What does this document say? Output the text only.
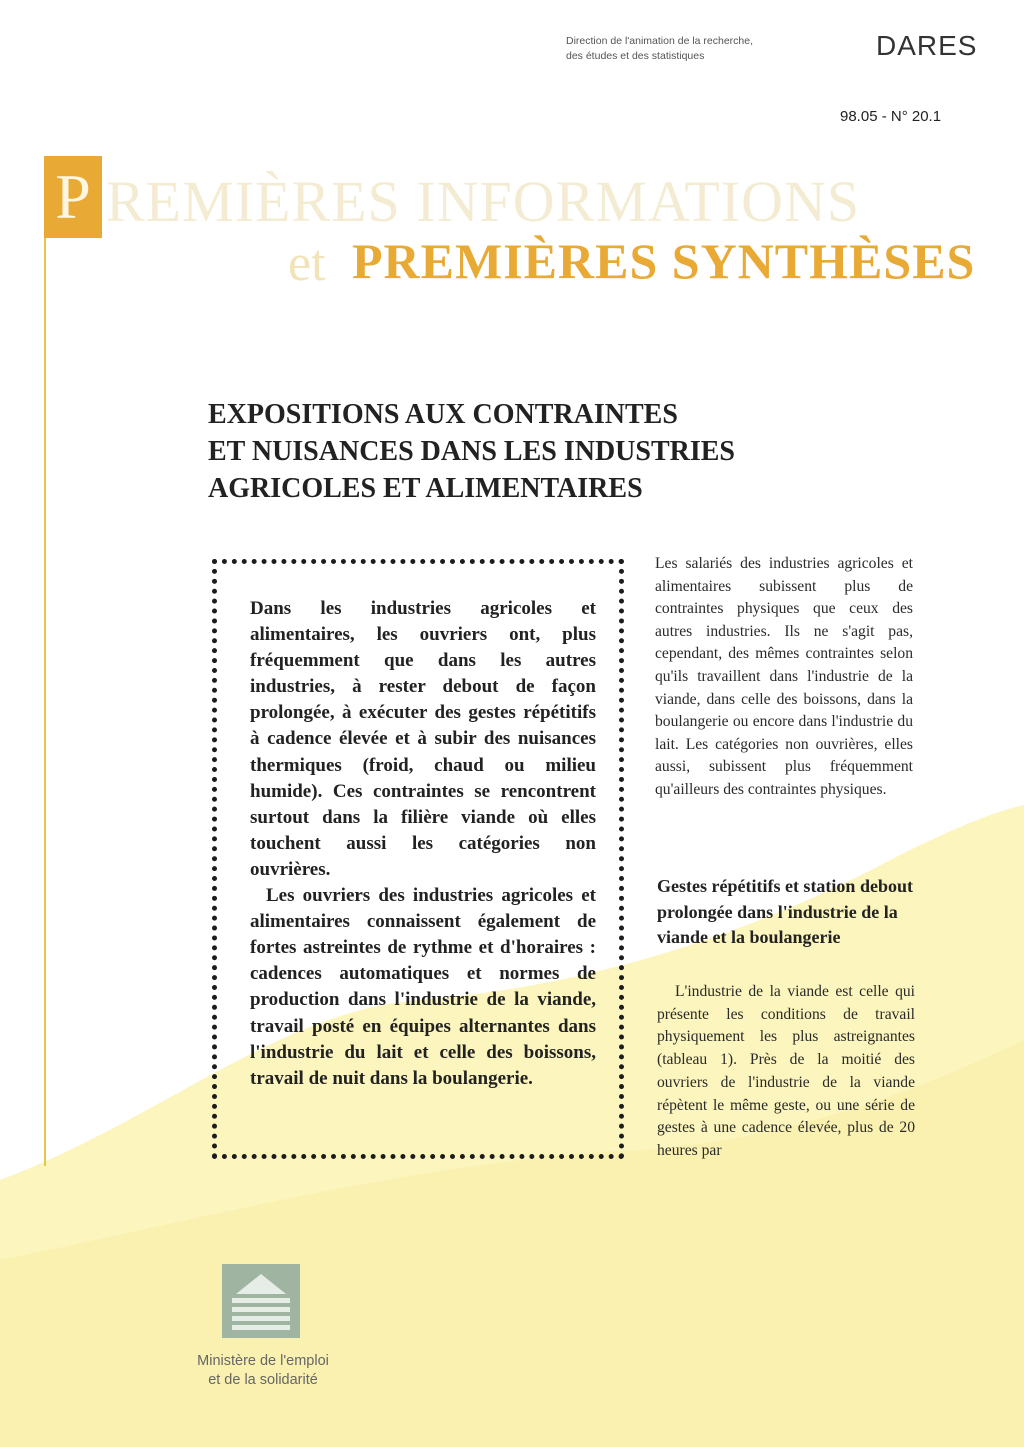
Direction de l'animation de la recherche,
des études et des statistiques	DARES
98.05 - N° 20.1
P REMIÈRES INFORMATIONS
et PREMIÈRES SYNTHÈSES
EXPOSITIONS AUX CONTRAINTES
ET NUISANCES DANS LES INDUSTRIES
AGRICOLES ET ALIMENTAIRES

Dans les industries agricoles et alimentaires, les ouvriers ont, plus fréquemment que dans les autres industries, à rester debout de façon prolongée, à exécuter des gestes répétitifs à cadence élevée et à subir des nuisances thermiques (froid, chaud ou milieu humide). Ces contraintes se rencontrent surtout dans la filière viande où elles touchent aussi les catégories non ouvrières.

Les ouvriers des industries agricoles et alimentaires connaissent également de fortes astreintes de rythme et d'horaires : cadences automatiques et normes de production dans l'industrie de la viande, travail posté en équipes alternantes dans l'industrie du lait et celle des boissons, travail de nuit dans la boulangerie.

Les salariés des industries agricoles et alimentaires subissent plus de contraintes physiques que ceux des autres industries. Ils ne s'agit pas, cependant, des mêmes contraintes selon qu'ils travaillent dans l'industrie de la viande, dans celle des boissons, dans la boulangerie ou encore dans l'industrie du lait. Les catégories non ouvrières, elles aussi, subissent plus fréquemment qu'ailleurs des contraintes physiques.

Gestes répétitifs et station debout prolongée dans l'industrie de la viande et la boulangerie

L'industrie de la viande est celle qui présente les conditions de travail physiquement les plus astreignantes (tableau 1). Près de la moitié des ouvriers de l'industrie de la viande répètent le même geste, ou une série de gestes à une cadence élevée, plus de 20 heures par

Ministère de l'emploi
et de la solidarité
